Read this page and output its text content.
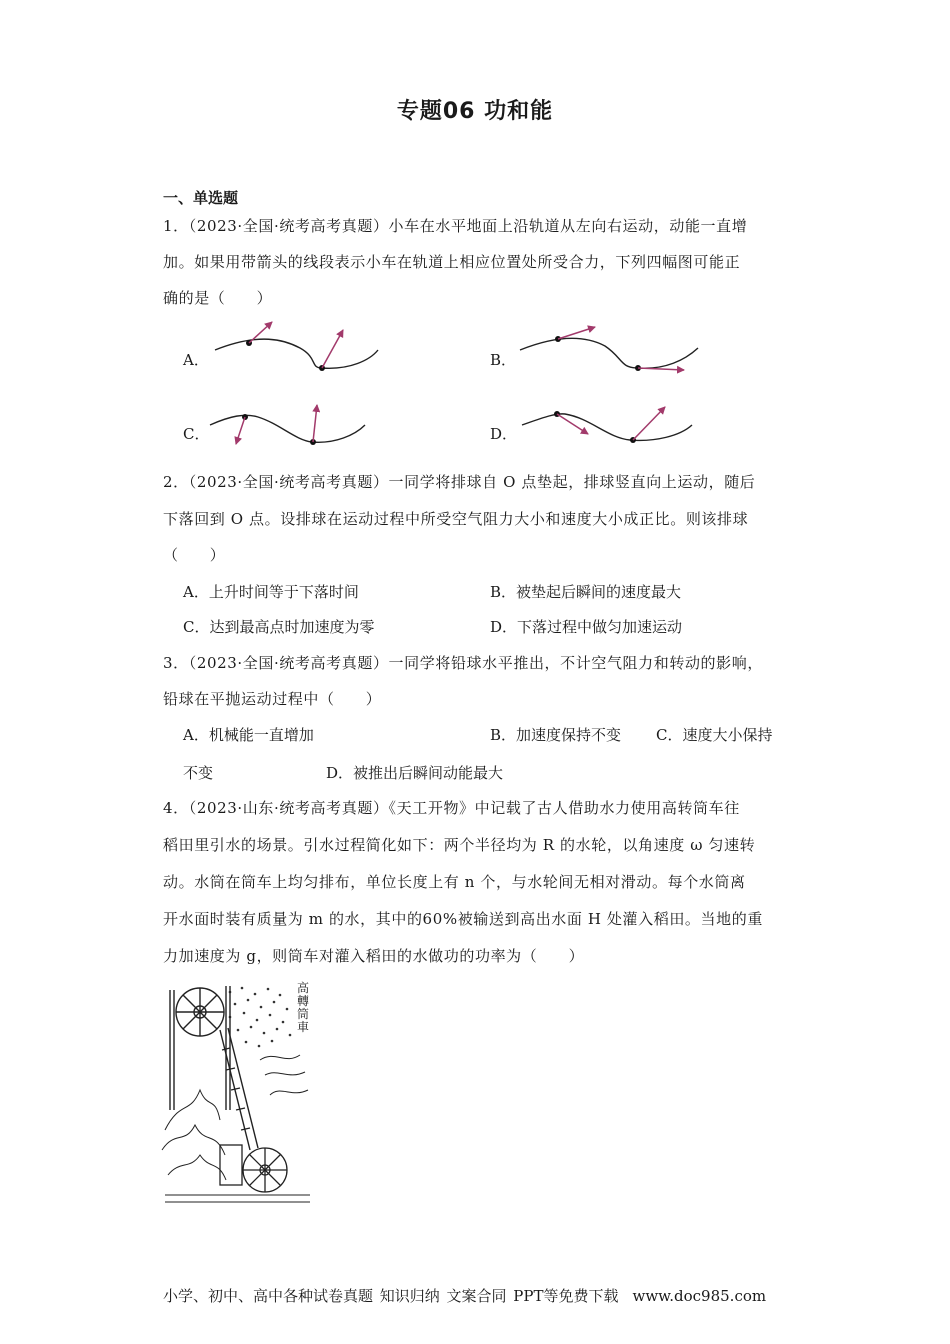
专题06 功和能
一、单选题
1．（2023·全国·统考高考真题）小车在水平地面上沿轨道从左向右运动，动能一直增
加。如果用带箭头的线段表示小车在轨道上相应位置处所受合力，下列四幅图可能正
确的是（　　）
A．	B．
C．	D．
2．（2023·全国·统考高考真题）一同学将排球自 O 点垫起，排球竖直向上运动，随后
下落回到 O 点。设排球在运动过程中所受空气阻力大小和速度大小成正比。则该排球
（　　）
A．上升时间等于下落时间	B．被垫起后瞬间的速度最大
C．达到最高点时加速度为零	D．下落过程中做匀加速运动
3．（2023·全国·统考高考真题）一同学将铅球水平推出，不计空气阻力和转动的影响，
铅球在平抛运动过程中（　　）
A．机械能一直增加	B．加速度保持不变 C．速度大小保持
不变	D．被推出后瞬间动能最大
4．（2023·山东·统考高考真题）《天工开物》中记载了古人借助水力使用高转筒车往
稻田里引水的场景。引水过程简化如下：两个半径均为 R 的水轮，以角速度 ω 匀速转
动。水筒在筒车上均匀排布，单位长度上有 n 个，与水轮间无相对滑动。每个水筒离
开水面时装有质量为 m 的水，其中的60%被输送到高出水面 H 处灌入稻田。当地的重
力加速度为 g，则筒车对灌入稻田的水做功的功率为（　　）
高
轉
筒
車
小学、初中、高中各种试卷真题 知识归纳 文案合同 PPT等免费下载 www.doc985.com
